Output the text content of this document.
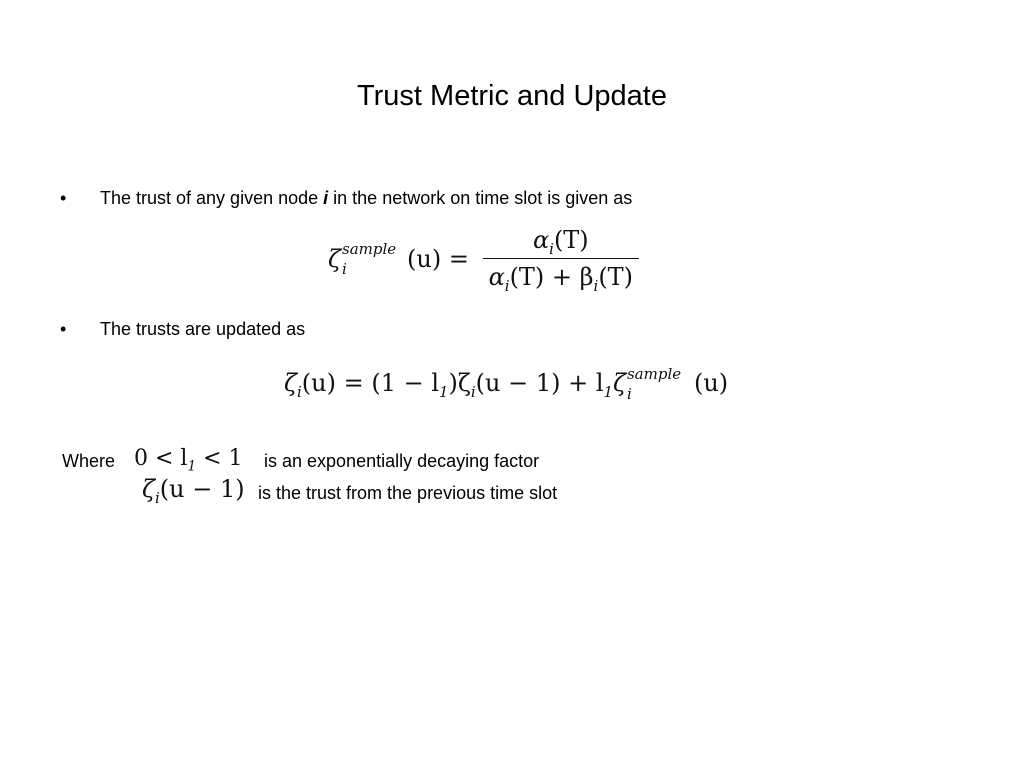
Trust Metric and Update
•	The trust of any given node i in the network on time slot is given as
ζ sample
i	$(u) = \frac{\alpha_i(T)}{\alpha_i(T) + \beta_i(T)}$
•	The trusts are updated as
$\zeta_i(u) = (1 - l_1)\zeta_i(u - 1) + l_1\zeta$ sample
i	(u)
Where $0 < l_1 < 1$ is an exponentially decaying factor
$\zeta_i(u - 1)$ is the trust from the previous time slot
